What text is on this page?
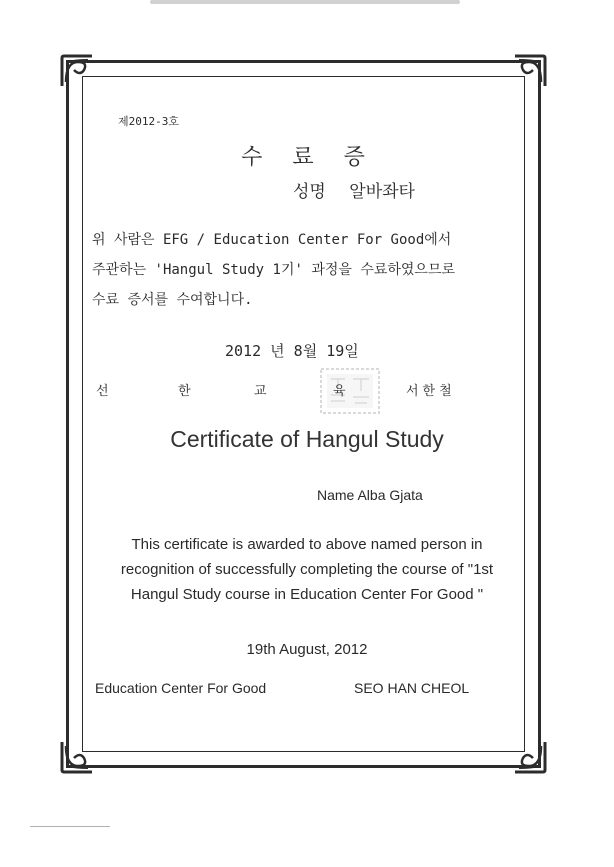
제2012-3호
수료증
성명 알바좌타
위 사람은 EFG / Education Center For Good에서
주관하는 'Hangul Study 1기' 과정을 수료하였으므로
수료 증서를 수여합니다.
2012 년 8월 19일
선	한	교	육	서한철
Certificate of Hangul Study
Name Alba Gjata
This certificate is awarded to above named person in
recognition of successfully completing the course of "1st
Hangul Study course in Education Center For Good "
19th August, 2012
Education Center For Good	SEO HAN CHEOL
